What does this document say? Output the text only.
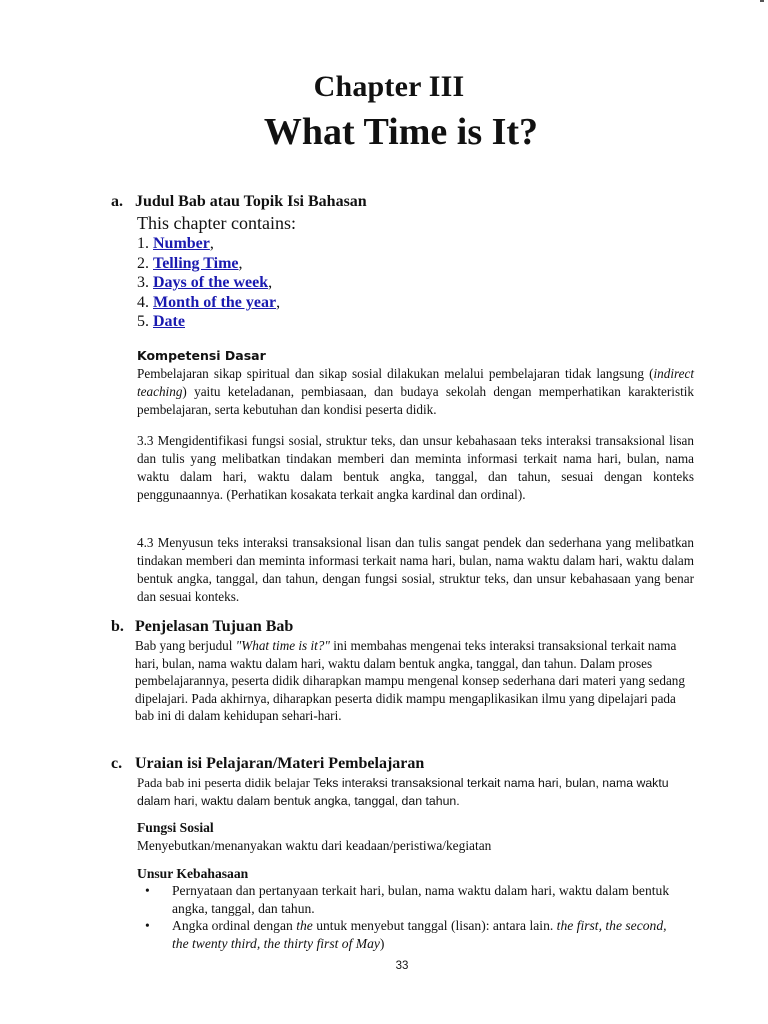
Chapter III
What Time is It?
a. Judul Bab atau Topik Isi Bahasan
This chapter contains:
1. Number,
2. Telling Time,
3. Days of the week,
4. Month of the year,
5. Date
Kompetensi Dasar
Pembelajaran sikap spiritual dan sikap sosial dilakukan melalui pembelajaran tidak langsung (indirect teaching) yaitu keteladanan, pembiasaan, dan budaya sekolah dengan memperhatikan karakteristik pembelajaran, serta kebutuhan dan kondisi peserta didik.
3.3 Mengidentifikasi fungsi sosial, struktur teks, dan unsur kebahasaan teks interaksi transaksional lisan dan tulis yang melibatkan tindakan memberi dan meminta informasi terkait nama hari, bulan, nama waktu dalam hari, waktu dalam bentuk angka, tanggal, dan tahun, sesuai dengan konteks penggunaannya. (Perhatikan kosakata terkait angka kardinal dan ordinal).
4.3 Menyusun teks interaksi transaksional lisan dan tulis sangat pendek dan sederhana yang melibatkan tindakan memberi dan meminta informasi terkait nama hari, bulan, nama waktu dalam hari, waktu dalam bentuk angka, tanggal, dan tahun, dengan fungsi sosial, struktur teks, dan unsur kebahasaan yang benar dan sesuai konteks.
b. Penjelasan Tujuan Bab
Bab yang berjudul "What time is it?" ini membahas mengenai teks interaksi transaksional terkait nama hari, bulan, nama waktu dalam hari, waktu dalam bentuk angka, tanggal, dan tahun. Dalam proses pembelajarannya, peserta didik diharapkan mampu mengenal konsep sederhana dari materi yang sedang dipelajari. Pada akhirnya, diharapkan peserta didik mampu mengaplikasikan ilmu yang dipelajari pada bab ini di dalam kehidupan sehari-hari.
c. Uraian isi Pelajaran/Materi Pembelajaran
Pada bab ini peserta didik belajar Teks interaksi transaksional terkait nama hari, bulan, nama waktu dalam hari, waktu dalam bentuk angka, tanggal, dan tahun.
Fungsi Sosial
Menyebutkan/menanyakan waktu dari keadaan/peristiwa/kegiatan
Unsur Kebahasaan
• Pernyataan dan pertanyaan terkait hari, bulan, nama waktu dalam hari, waktu dalam bentuk angka, tanggal, dan tahun.
• Angka ordinal dengan the untuk menyebut tanggal (lisan): antara lain. the first, the second, the twenty third, the thirty first of May)
33
